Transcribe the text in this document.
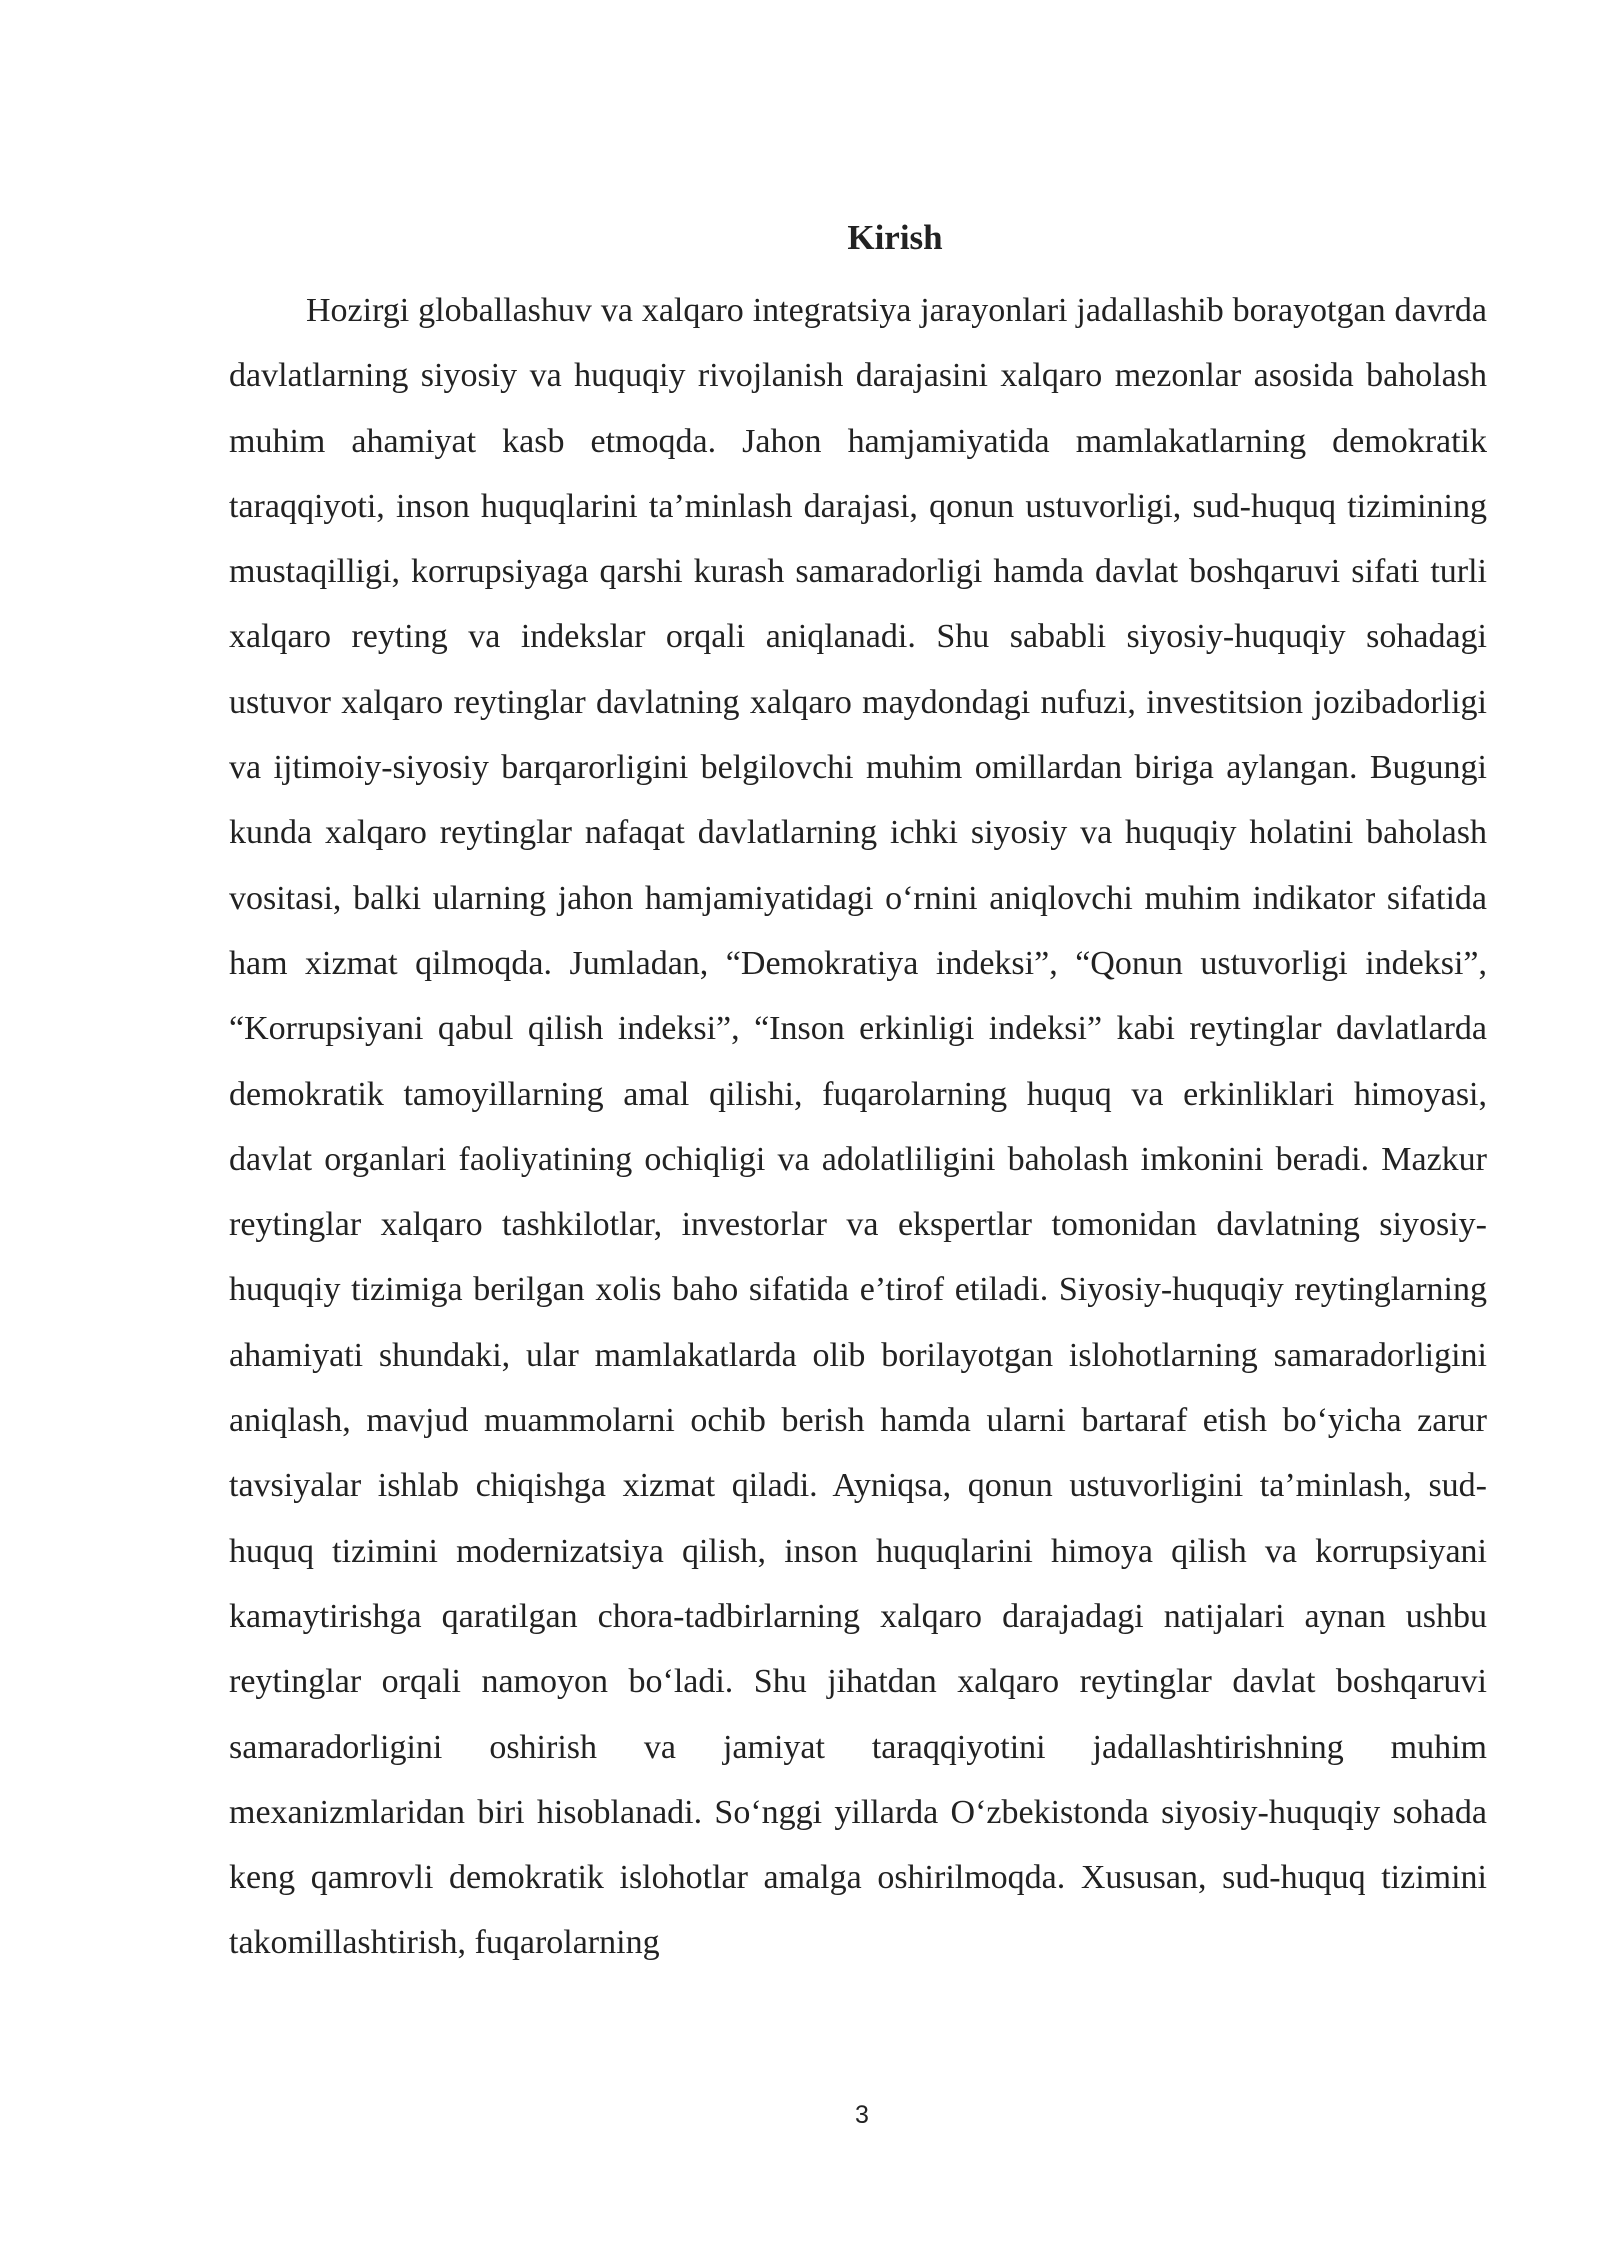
Kirish

Hozirgi globallashuv va xalqaro integratsiya jarayonlari jadallashib borayotgan davrda davlatlarning siyosiy va huquqiy rivojlanish darajasini xalqaro mezonlar asosida baholash muhim ahamiyat kasb etmoqda. Jahon hamjamiyatida mamlakatlarning demokratik taraqqiyoti, inson huquqlarini ta’minlash darajasi, qonun ustuvorligi, sud-huquq tizimining mustaqilligi, korrupsiyaga qarshi kurash samaradorligi hamda davlat boshqaruvi sifati turli xalqaro reyting va indekslar orqali aniqlanadi. Shu sababli siyosiy-huquqiy sohadagi ustuvor xalqaro reytinglar davlatning xalqaro maydondagi nufuzi, investitsion jozibadorligi va ijtimoiy-siyosiy barqarorligini belgilovchi muhim omillardan biriga aylangan. Bugungi kunda xalqaro reytinglar nafaqat davlatlarning ichki siyosiy va huquqiy holatini baholash vositasi, balki ularning jahon hamjamiyatidagi o‘rnini aniqlovchi muhim indikator sifatida ham xizmat qilmoqda. Jumladan, “Demokratiya indeksi”, “Qonun ustuvorligi indeksi”, “Korrupsiyani qabul qilish indeksi”, “Inson erkinligi indeksi” kabi reytinglar davlatlarda demokratik tamoyillarning amal qilishi, fuqarolarning huquq va erkinliklari himoyasi, davlat organlari faoliyatining ochiqligi va adolatliligini baholash imkonini beradi. Mazkur reytinglar xalqaro tashkilotlar, investorlar va ekspertlar tomonidan davlatning siyosiy-huquqiy tizimiga berilgan xolis baho sifatida e’tirof etiladi. Siyosiy-huquqiy reytinglarning ahamiyati shundaki, ular mamlakatlarda olib borilayotgan islohotlarning samaradorligini aniqlash, mavjud muammolarni ochib berish hamda ularni bartaraf etish bo‘yicha zarur tavsiyalar ishlab chiqishga xizmat qiladi. Ayniqsa, qonun ustuvorligini ta’minlash, sud-huquq tizimini modernizatsiya qilish, inson huquqlarini himoya qilish va korrupsiyani kamaytirishga qaratilgan chora-tadbirlarning xalqaro darajadagi natijalari aynan ushbu reytinglar orqali namoyon bo‘ladi. Shu jihatdan xalqaro reytinglar davlat boshqaruvi samaradorligini oshirish va jamiyat taraqqiyotini jadallashtirishning muhim mexanizmlaridan biri hisoblanadi. So‘nggi yillarda O‘zbekistonda siyosiy-huquqiy sohada keng qamrovli demokratik islohotlar amalga oshirilmoqda. Xususan, sud-huquq tizimini takomillashtirish, fuqarolarning

3
